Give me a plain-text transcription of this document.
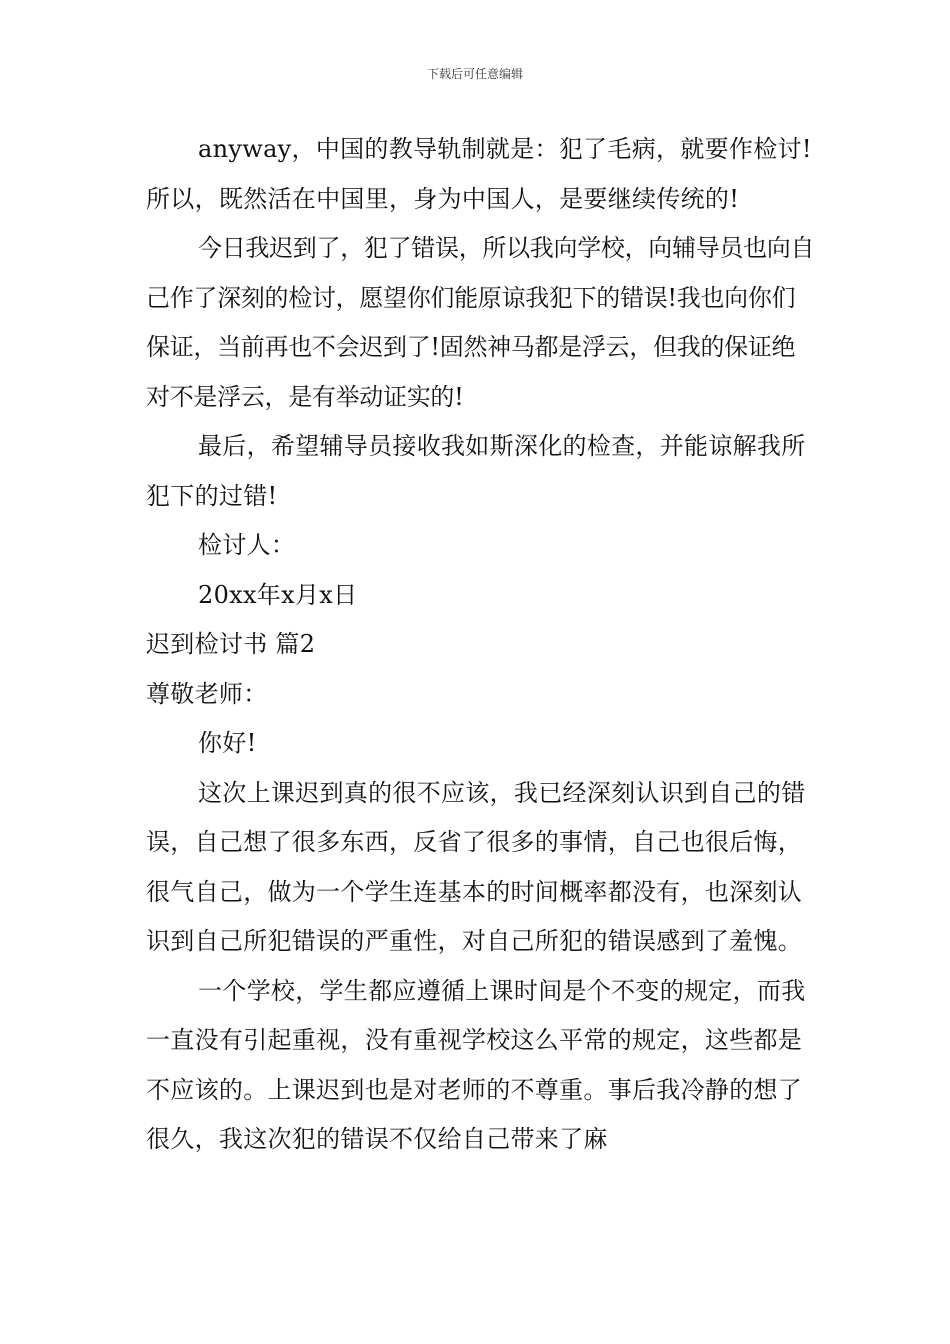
下载后可任意编辑

anyway，中国的教导轨制就是：犯了毛病，就要作检讨!所以，既然活在中国里，身为中国人，是要继续传统的!

今日我迟到了，犯了错误，所以我向学校，向辅导员也向自己作了深刻的检讨，愿望你们能原谅我犯下的错误!我也向你们保证，当前再也不会迟到了!固然神马都是浮云，但我的保证绝对不是浮云，是有举动证实的!

最后，希望辅导员接收我如斯深化的检查，并能谅解我所犯下的过错!

检讨人：

20xx年x月x日

迟到检讨书 篇2

尊敬老师：

你好!

这次上课迟到真的很不应该，我已经深刻认识到自己的错误，自己想了很多东西，反省了很多的事情，自己也很后悔，很气自己，做为一个学生连基本的时间概率都没有，也深刻认识到自己所犯错误的严重性，对自己所犯的错误感到了羞愧。

一个学校，学生都应遵循上课时间是个不变的规定，而我一直没有引起重视，没有重视学校这么平常的规定，这些都是不应该的。上课迟到也是对老师的不尊重。事后我冷静的想了很久，我这次犯的错误不仅给自己带来了麻
